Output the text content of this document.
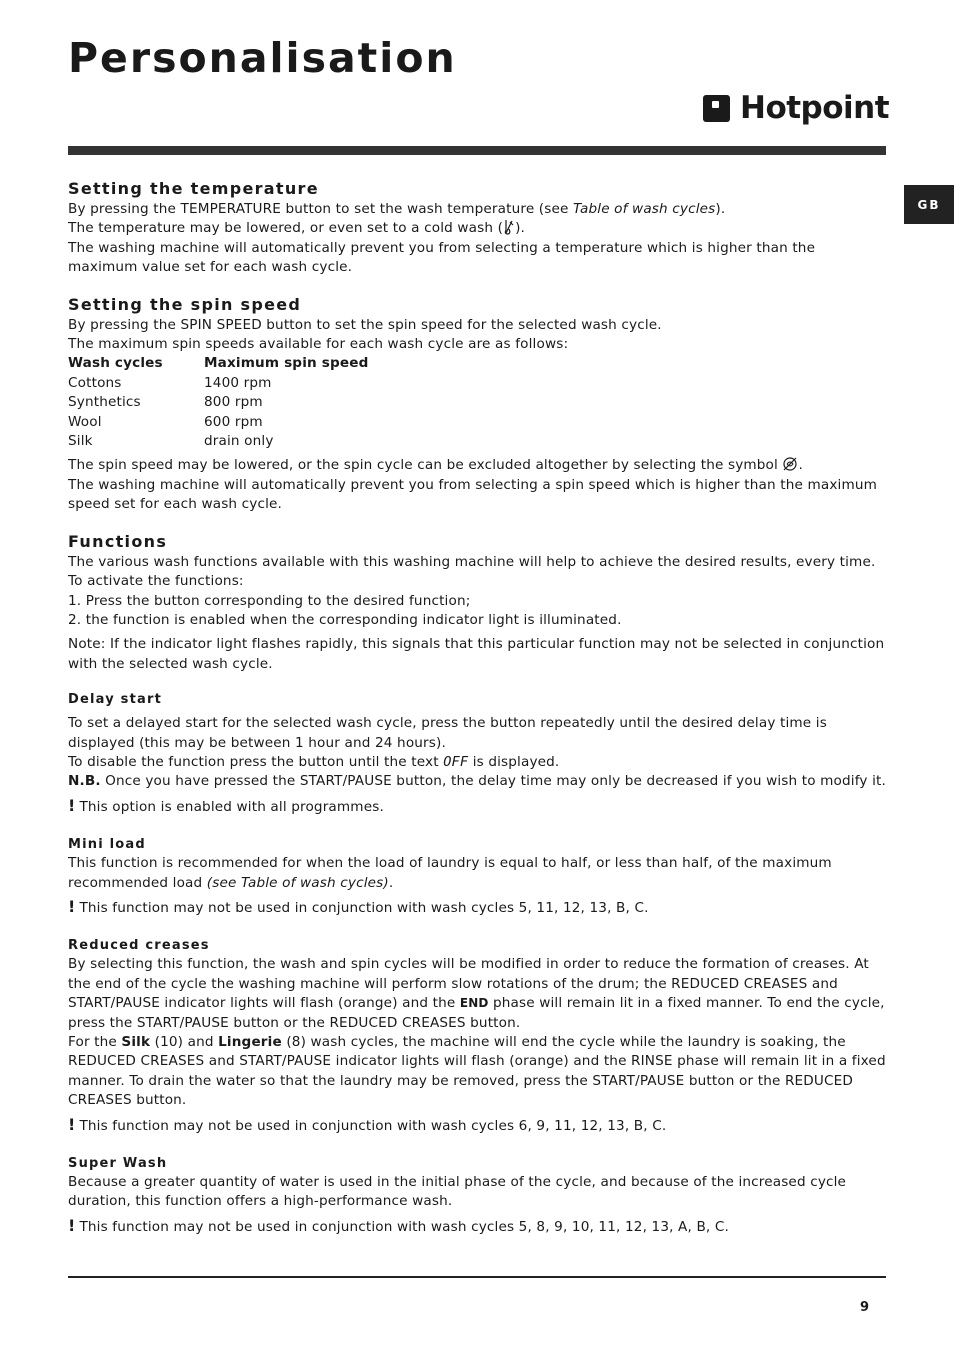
Personalisation
Hotpoint
GB
Setting the temperature

By pressing the TEMPERATURE button to set the wash temperature (see Table of wash cycles).
The temperature may be lowered, or even set to a cold wash ( ).
The washing machine will automatically prevent you from selecting a temperature which is higher than the maximum value set for each wash cycle.

Setting the spin speed

By pressing the SPIN SPEED button to set the spin speed for the selected wash cycle.
The maximum spin speeds available for each wash cycle are as follows:

Wash cycles	Maximum spin speed
Cottons	1400 rpm
Synthetics	800 rpm
Wool	600 rpm
Silk	drain only

The spin speed may be lowered, or the spin cycle can be excluded altogether by selecting the symbol .
The washing machine will automatically prevent you from selecting a spin speed which is higher than the maximum speed set for each wash cycle.

Functions

The various wash functions available with this washing machine will help to achieve the desired results, every time.
To activate the functions:
1. Press the button corresponding to the desired function;
2. the function is enabled when the corresponding indicator light is illuminated.

Note: If the indicator light flashes rapidly, this signals that this particular function may not be selected in conjunction with the selected wash cycle.

Delay start

To set a delayed start for the selected wash cycle, press the button repeatedly until the desired delay time is displayed (this may be between 1 hour and 24 hours).
To disable the function press the button until the text OFF is displayed.
N.B. Once you have pressed the START/PAUSE button, the delay time may only be decreased if you wish to modify it.

! This option is enabled with all programmes.

Mini load

This function is recommended for when the load of laundry is equal to half, or less than half, of the maximum recommended load (see Table of wash cycles).

! This function may not be used in conjunction with wash cycles 5, 11, 12, 13, B, C.

Reduced creases

By selecting this function, the wash and spin cycles will be modified in order to reduce the formation of creases. At the end of the cycle the washing machine will perform slow rotations of the drum; the REDUCED CREASES and START/PAUSE indicator lights will flash (orange) and the END phase will remain lit in a fixed manner. To end the cycle, press the START/PAUSE button or the REDUCED CREASES button.
For the Silk (10) and Lingerie (8) wash cycles, the machine will end the cycle while the laundry is soaking, the REDUCED CREASES and START/PAUSE indicator lights will flash (orange) and the RINSE phase will remain lit in a fixed manner. To drain the water so that the laundry may be removed, press the START/PAUSE button or the REDUCED CREASES button.

! This function may not be used in conjunction with wash cycles 6, 9, 11, 12, 13, B, C.

Super Wash

Because a greater quantity of water is used in the initial phase of the cycle, and because of the increased cycle duration, this function offers a high-performance wash.

! This function may not be used in conjunction with wash cycles 5, 8, 9, 10, 11, 12, 13, A, B, C.

9
